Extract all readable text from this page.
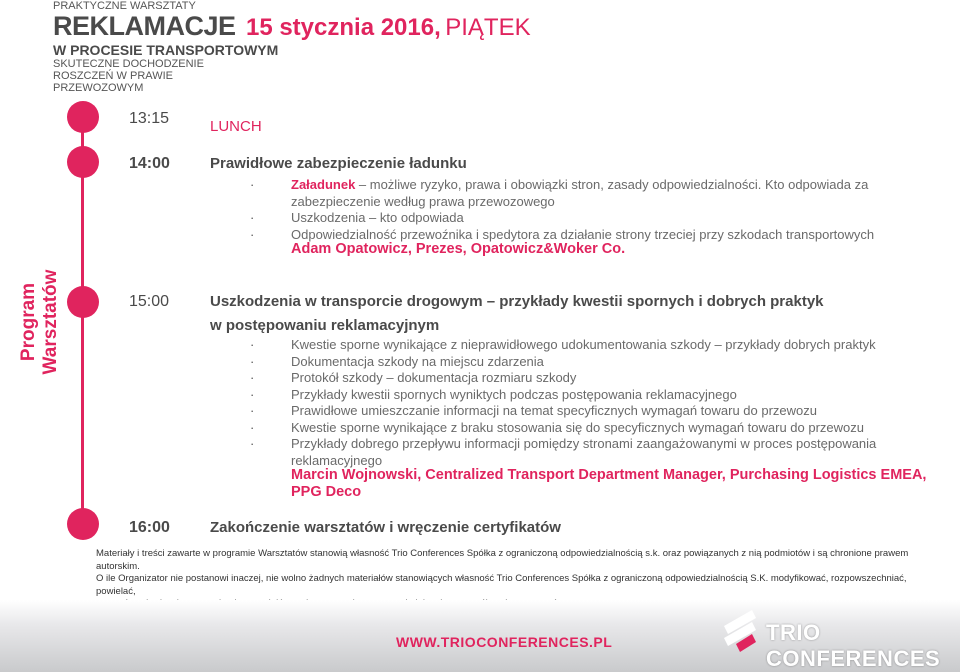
PRAKTYCZNE WARSZTATY
REKLAMACJE 15 stycznia 2016, PIĄTEK
W PROCESIE TRANSPORTOWYM
SKUTECZNE DOCHODZENIE
ROSZCZEŃ W PRAWIE
PRZEWOZOWYM
Program Warsztatów
13:15	LUNCH
14:00	Prawidłowe zabezpieczenie ładunku
· Załadunek – możliwe ryzyko, prawa i obowiązki stron, zasady odpowiedzialności. Kto odpowiada za zabezpieczenie według prawa przewozowego
· Uszkodzenia – kto odpowiada
· Odpowiedzialność przewoźnika i spedytora za działanie strony trzeciej przy szkodach transportowych
Adam Opatowicz, Prezes, Opatowicz&Woker Co.
15:00	Uszkodzenia w transporcie drogowym – przykłady kwestii spornych i dobrych praktyk
w postępowaniu reklamacyjnym
· Kwestie sporne wynikające z nieprawidłowego udokumentowania szkody – przykłady dobrych praktyk
· Dokumentacja szkody na miejscu zdarzenia
· Protokół szkody – dokumentacja rozmiaru szkody
· Przykłady kwestii spornych wyniktych podczas postępowania reklamacyjnego
· Prawidłowe umieszczanie informacji na temat specyficznych wymagań towaru do przewozu
· Kwestie sporne wynikające z braku stosowania się do specyficznych wymagań towaru do przewozu
· Przykłady dobrego przepływu informacji pomiędzy stronami zaangażowanymi w proces postępowania reklamacyjnego
Marcin Wojnowski, Centralized Transport Department Manager, Purchasing Logistics EMEA, PPG Deco
16:00	Zakończenie warsztatów i wręczenie certyfikatów
Materiały i treści zawarte w programie Warsztatów stanowią własność Trio Conferences Spółka z ograniczoną odpowiedzialnością s.k. oraz powiązanych z nią podmiotów i są chronione prawem autorskim.
O ile Organizator nie postanowi inaczej, nie wolno żadnych materiałów stanowiących własność Trio Conferences Spółka z ograniczoną odpowiedzialnością S.K. modyfikować, rozpowszechniać, powielać,
WWW.TRIOCONFERENCES.PL	TRIO CONFERENCES
